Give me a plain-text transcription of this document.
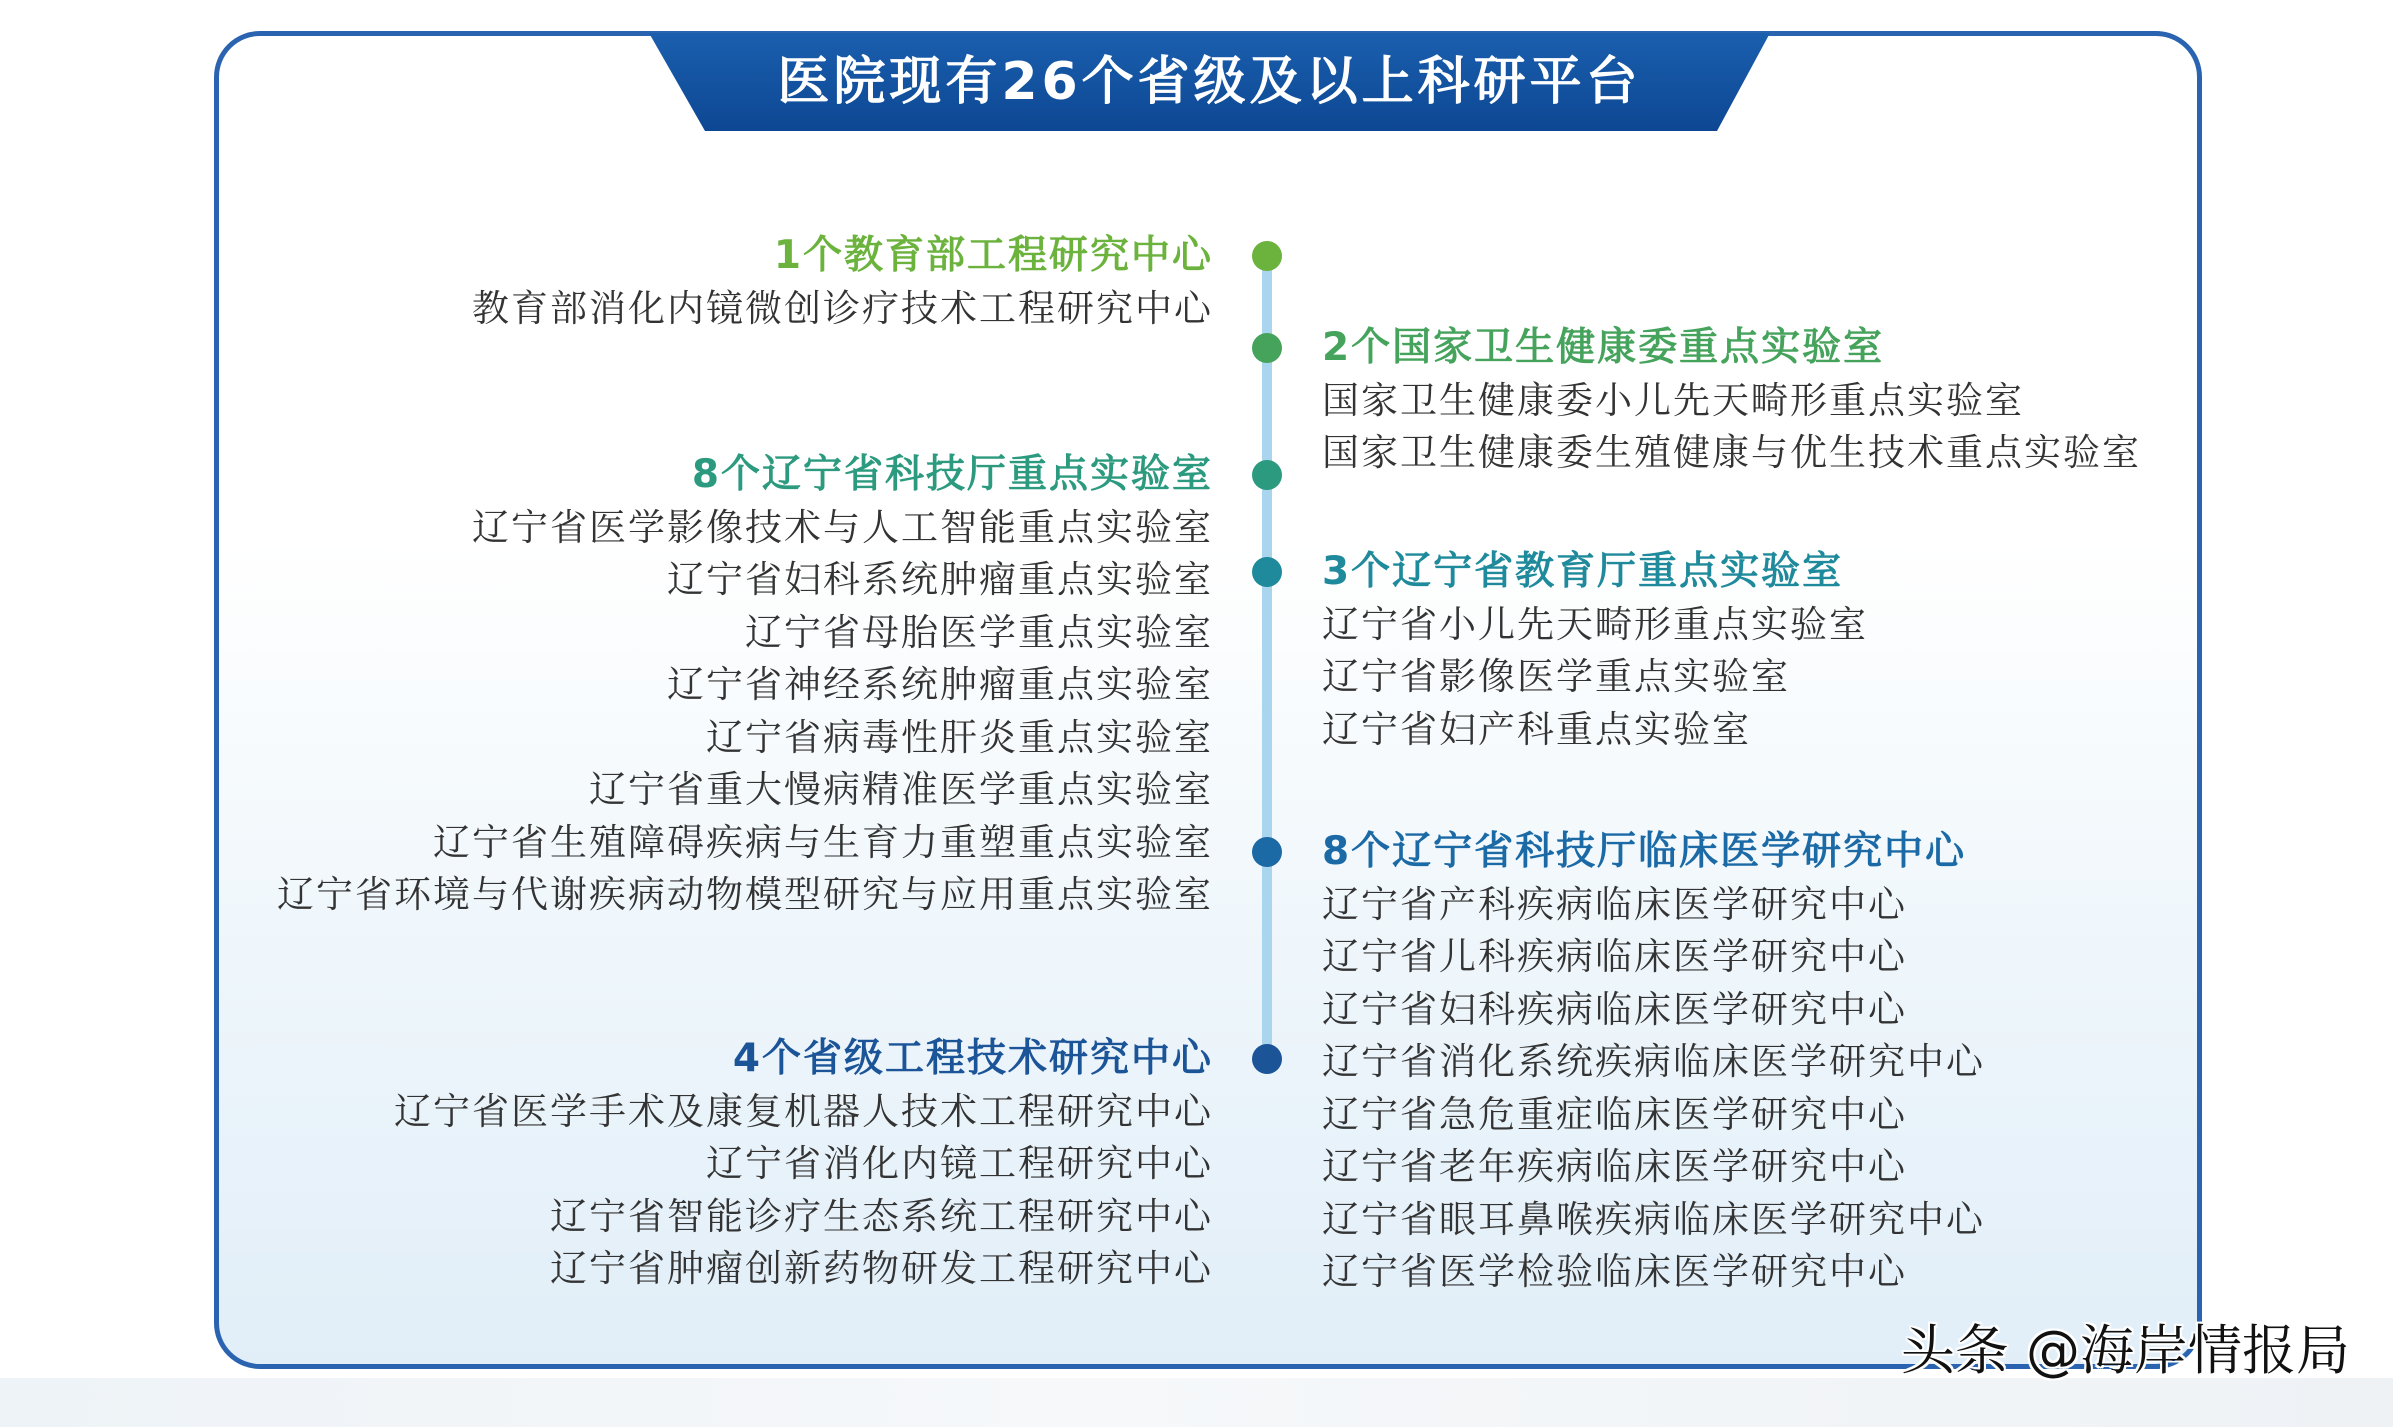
医院现有26个省级及以上科研平台
1个教育部工程研究中心
教育部消化内镜微创诊疗技术工程研究中心
8个辽宁省科技厅重点实验室
辽宁省医学影像技术与人工智能重点实验室
辽宁省妇科系统肿瘤重点实验室
辽宁省母胎医学重点实验室
辽宁省神经系统肿瘤重点实验室
辽宁省病毒性肝炎重点实验室
辽宁省重大慢病精准医学重点实验室
辽宁省生殖障碍疾病与生育力重塑重点实验室
辽宁省环境与代谢疾病动物模型研究与应用重点实验室
4个省级工程技术研究中心
辽宁省医学手术及康复机器人技术工程研究中心
辽宁省消化内镜工程研究中心
辽宁省智能诊疗生态系统工程研究中心
辽宁省肿瘤创新药物研发工程研究中心
2个国家卫生健康委重点实验室
国家卫生健康委小儿先天畸形重点实验室
国家卫生健康委生殖健康与优生技术重点实验室
3个辽宁省教育厅重点实验室
辽宁省小儿先天畸形重点实验室
辽宁省影像医学重点实验室
辽宁省妇产科重点实验室
8个辽宁省科技厅临床医学研究中心
辽宁省产科疾病临床医学研究中心
辽宁省儿科疾病临床医学研究中心
辽宁省妇科疾病临床医学研究中心
辽宁省消化系统疾病临床医学研究中心
辽宁省急危重症临床医学研究中心
辽宁省老年疾病临床医学研究中心
辽宁省眼耳鼻喉疾病临床医学研究中心
辽宁省医学检验临床医学研究中心
头条 @海岸情报局
